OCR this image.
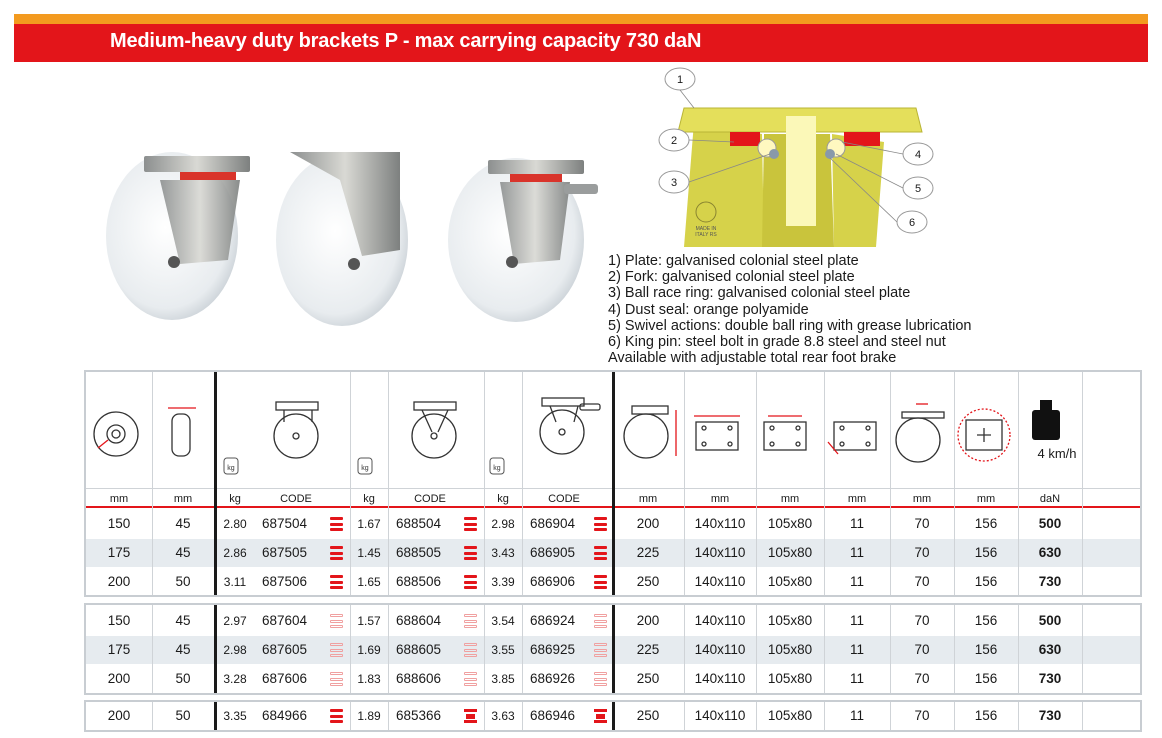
Medium-heavy duty brackets P - max carrying capacity 730 daN
MADE IN
ITALY RS
1
2
3
4
5
6
1) Plate: galvanised colonial steel plate
2) Fork: galvanised colonial steel plate
3) Ball race ring: galvanised colonial steel plate
4) Dust seal: orange polyamide
5) Swivel actions: double ball ring with grease lubrication
6) King pin: steel bolt in grade 8.8 steel and steel nut
Available with adjustable total rear foot brake
kg	kg	kg
4 km/h
mm	mm	kg	CODE	kg	CODE	kg	CODE	mm	mm	mm	mm	mm	mm	daN
150	45	2.80	687504	1.67	688504	2.98	686904	200	140x110	105x80	11	70	156	500
175	45	2.86	687505	1.45	688505	3.43	686905	225	140x110	105x80	11	70	156	630
200	50	3.11	687506	1.65	688506	3.39	686906	250	140x110	105x80	11	70	156	730
150	45	2.97	687604	1.57	688604	3.54	686924	200	140x110	105x80	11	70	156	500
175	45	2.98	687605	1.69	688605	3.55	686925	225	140x110	105x80	11	70	156	630
200	50	3.28	687606	1.83	688606	3.85	686926	250	140x110	105x80	11	70	156	730
200	50	3.35	684966	1.89	685366	3.63	686946	250	140x110	105x80	11	70	156	730
